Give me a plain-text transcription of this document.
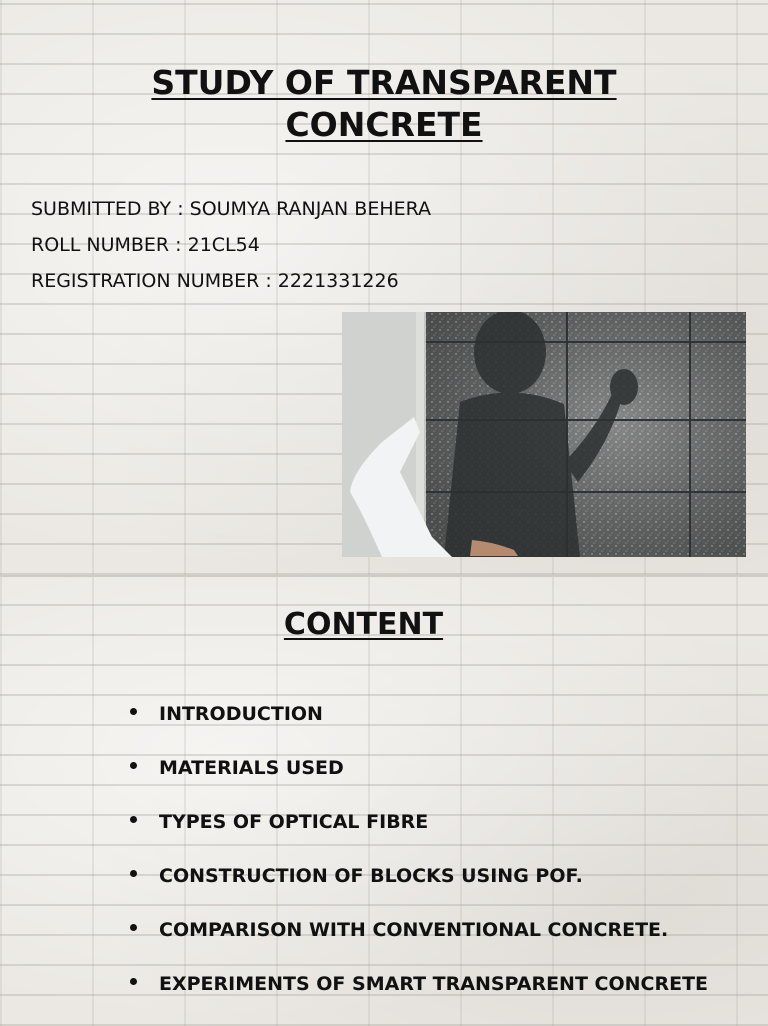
STUDY OF TRANSPARENT
CONCRETE
SUBMITTED BY : SOUMYA RANJAN BEHERA
ROLL NUMBER : 21CL54
REGISTRATION NUMBER : 2221331226
CONTENT
INTRODUCTION
MATERIALS USED
TYPES OF OPTICAL FIBRE
CONSTRUCTION OF BLOCKS USING POF.
COMPARISON WITH CONVENTIONAL CONCRETE.
EXPERIMENTS OF SMART TRANSPARENT CONCRETE
